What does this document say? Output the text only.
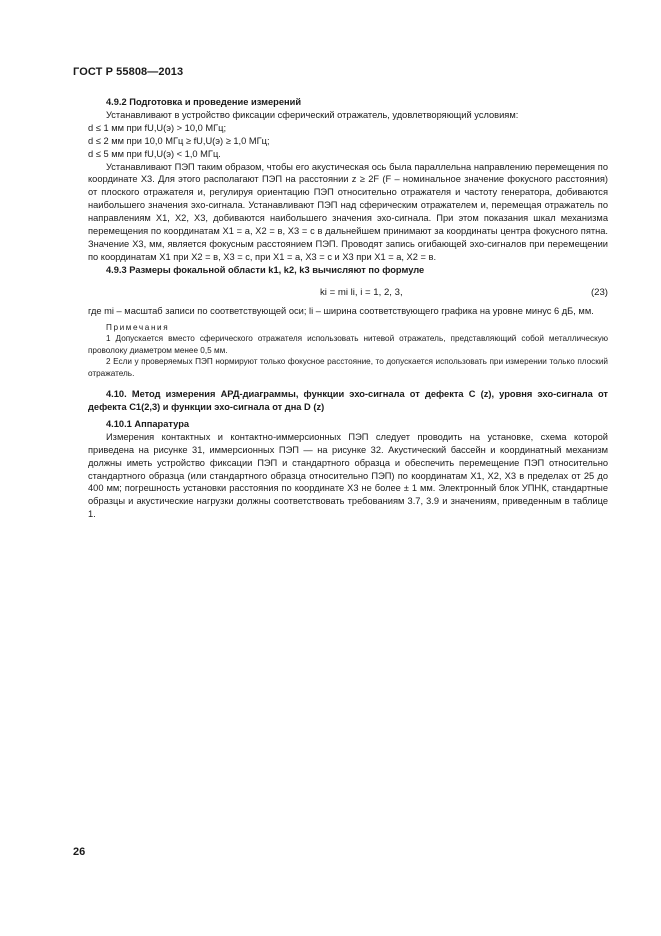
ГОСТ Р 55808—2013

4.9.2 Подготовка и проведение измерений

Устанавливают в устройство фиксации сферический отражатель, удовлетворяющий условиям:

d ≤ 1 мм при fU,U(э) > 10,0 МГц;

d ≤ 2 мм при 10,0 МГц ≥ fU,U(э) ≥ 1,0 МГц;

d ≤ 5 мм при fU,U(э) < 1,0 МГц.

Устанавливают ПЭП таким образом, чтобы его акустическая ось была параллельна направлению перемещения по координате X3. Для этого располагают ПЭП на расстоянии z ≥ 2F (F – номинальное значение фокусного расстояния) от плоского отражателя и, регулируя ориентацию ПЭП относительно отражателя и частоту генератора, добиваются наибольшего значения эхо-сигнала. Устанавливают ПЭП над сферическим отражателем и, перемещая отражатель по направлениям X1, X2, X3, добиваются наибольшего значения эхо-сигнала. При этом показания шкал механизма перемещения по координатам X1 = a, X2 = в, X3 = c в дальнейшем принимают за координаты центра фокусного пятна. Значение X3, мм, является фокусным расстоянием ПЭП. Проводят запись огибающей эхо-сигналов при перемещении по координатам X1 при X2 = в, X3 = c, при X1 = a, X3 = c и X3 при X1 = a, X2 = в.

4.9.3 Размеры фокальной области k1, k2, k3 вычисляют по формуле

ki = mi li, i = 1, 2, 3,	(23)

где mi – масштаб записи по соответствующей оси; li – ширина соответствующего графика на уровне минус 6 дБ, мм.

Примечания

1 Допускается вместо сферического отражателя использовать нитевой отражатель, представляющий собой металлическую проволоку диаметром менее 0,5 мм.

2 Если у проверяемых ПЭП нормируют только фокусное расстояние, то допускается использовать при измерении только плоский отражатель.

4.10. Метод измерения АРД-диаграммы, функции эхо-сигнала от дефекта C (z), уровня эхо-сигнала от дефекта C1(2,3) и функции эхо-сигнала от дна D (z)

4.10.1 Аппаратура

Измерения контактных и контактно-иммерсионных ПЭП следует проводить на установке, схема которой приведена на рисунке 31, иммерсионных ПЭП — на рисунке 32. Акустический бассейн и координатный механизм должны иметь устройство фиксации ПЭП и стандартного образца и обеспечить перемещение ПЭП относительно стандартного образца (или стандартного образца относительно ПЭП) по координатам X1, X2, X3 в пределах от 25 до 400 мм; погрешность установки расстояния по координате X3 не более ± 1 мм. Электронный блок УПНК, стандартные образцы и акустические нагрузки должны соответствовать требованиям 3.7, 3.9 и значениям, приведенным в таблице 1.

26
